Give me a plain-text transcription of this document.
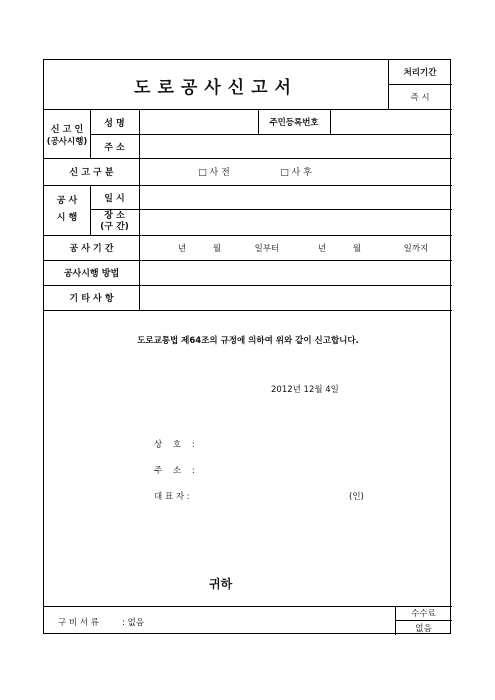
도로공사신고서
처리기간
즉 시
신 고 인
(공사시행)
성 명	주민등록번호
주 소
신 고 구 분	□ 사 전	□ 사 후
공 사
시 행
일 시
장 소
(구 간)
공 사 기 간	년	월	일부터	년	월	일까지
공사시행 방법
기 타 사 항
도로교통법 제64조의 규정에 의하여 위와 같이 신고합니다.
2012년 12월 4일
상 호 :
주 소 :
대 표 자 :	(인)
귀하
구 비 서 류	: 없음
수수료
없음
